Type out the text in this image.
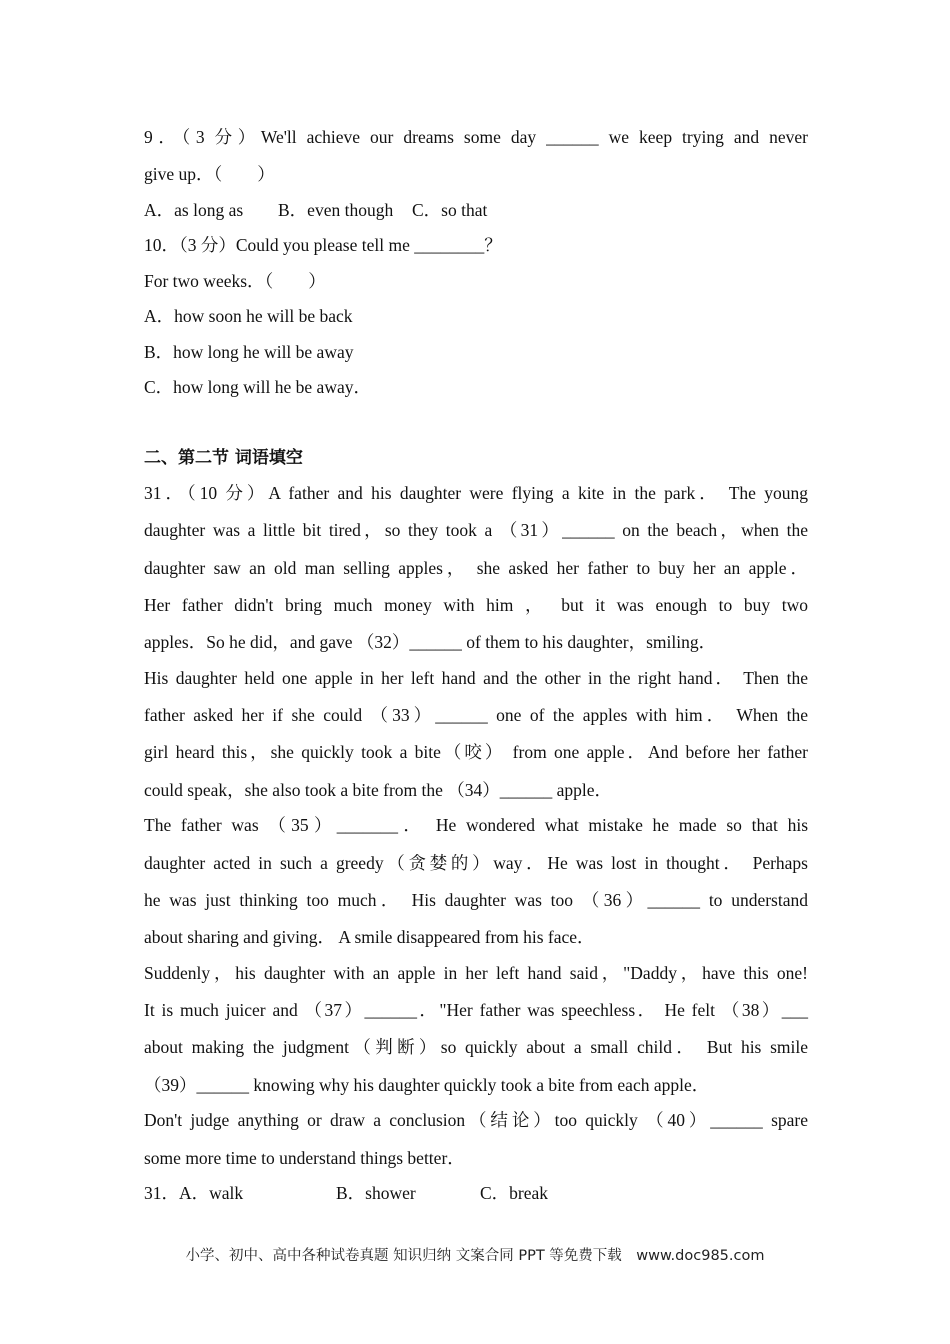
9．（3 分）We'll achieve our dreams some day ______ we keep trying and never
give up．（　　）
A．as long as B．even though C．so that
10．（3 分）Could you please tell me ________？
For two weeks．（　　）
A．how soon he will be back
B．how long he will be away
C．how long will he be away．
二、第二节 词语填空
31．（10 分）A father and his daughter were flying a kite in the park． The young
daughter was a little bit tired，so they took a （31）______ on the beach，when the
daughter saw an old man selling apples， she asked her father to buy her an apple．
Her father didn't bring much money with him ， but it was enough to buy two
apples．So he did，and gave （32）______ of them to his daughter，smiling．
His daughter held one apple in her left hand and the other in the right hand． Then the
father asked her if she could （33）______ one of the apples with him． When the
girl heard this，she quickly took a bite（咬） from one apple．And before her father
could speak，she also took a bite from the （34）______ apple．
The father was （35）_______． He wondered what mistake he made so that his
daughter acted in such a greedy（贪婪的）way．He was lost in thought． Perhaps
he was just thinking too much． His daughter was too （36）______ to understand
about sharing and giving． A smile disappeared from his face．
Suddenly，his daughter with an apple in her left hand said，"Daddy，have this one!
It is much juicer and （37）______．"Her father was speechless． He felt （38）___
about making the judgment（判断）so quickly about a small child． But his smile
（39）______ knowing why his daughter quickly took a bite from each apple．
Don't judge anything or draw a conclusion（结论）too quickly （40）______ spare
some more time to understand things better．
31．A．walk	B．shower	C．break
小学、初中、高中各种试卷真题 知识归纳 文案合同 PPT 等免费下载　www.doc985.com
